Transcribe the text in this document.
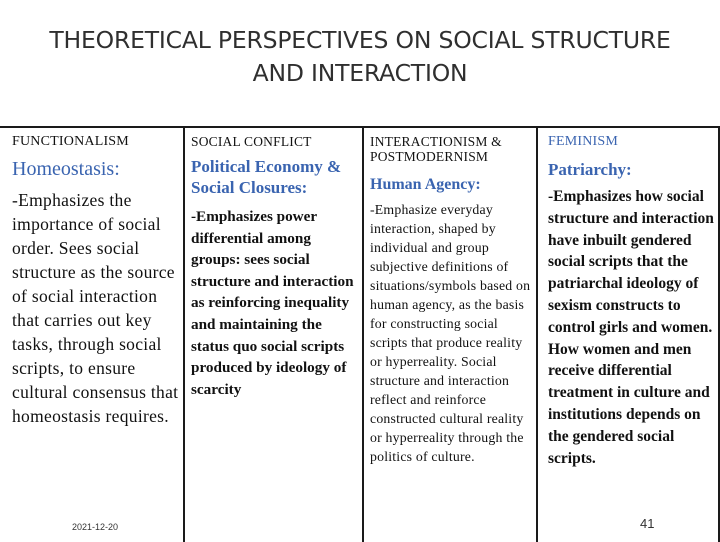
THEORETICAL PERSPECTIVES ON SOCIAL STRUCTURE
AND INTERACTION
FUNCTIONALISM
Homeostasis:
-Emphasizes the importance of social order. Sees social structure as the source of social interaction that carries out key tasks, through social scripts, to ensure cultural consensus that homeostasis requires.
2021-12-20
SOCIAL CONFLICT
Political Economy & Social Closures:
-Emphasizes power differential among groups: sees social structure and interaction as reinforcing inequality and maintaining the status quo social scripts produced by ideology of scarcity
INTERACTIONISM &
POSTMODERNISM
Human Agency:
-Emphasize everyday interaction, shaped by individual and group subjective definitions of situations/symbols based on human agency, as the basis for constructing social scripts that produce reality or hyperreality. Social structure and interaction reflect and reinforce constructed cultural reality or hyperreality through the politics of culture.
FEMINISM
Patriarchy:
-Emphasizes how social structure and interaction have inbuilt gendered social scripts that the patriarchal ideology of sexism constructs to control girls and women. How women and men receive differential treatment in culture and institutions depends on the gendered social scripts.
41
